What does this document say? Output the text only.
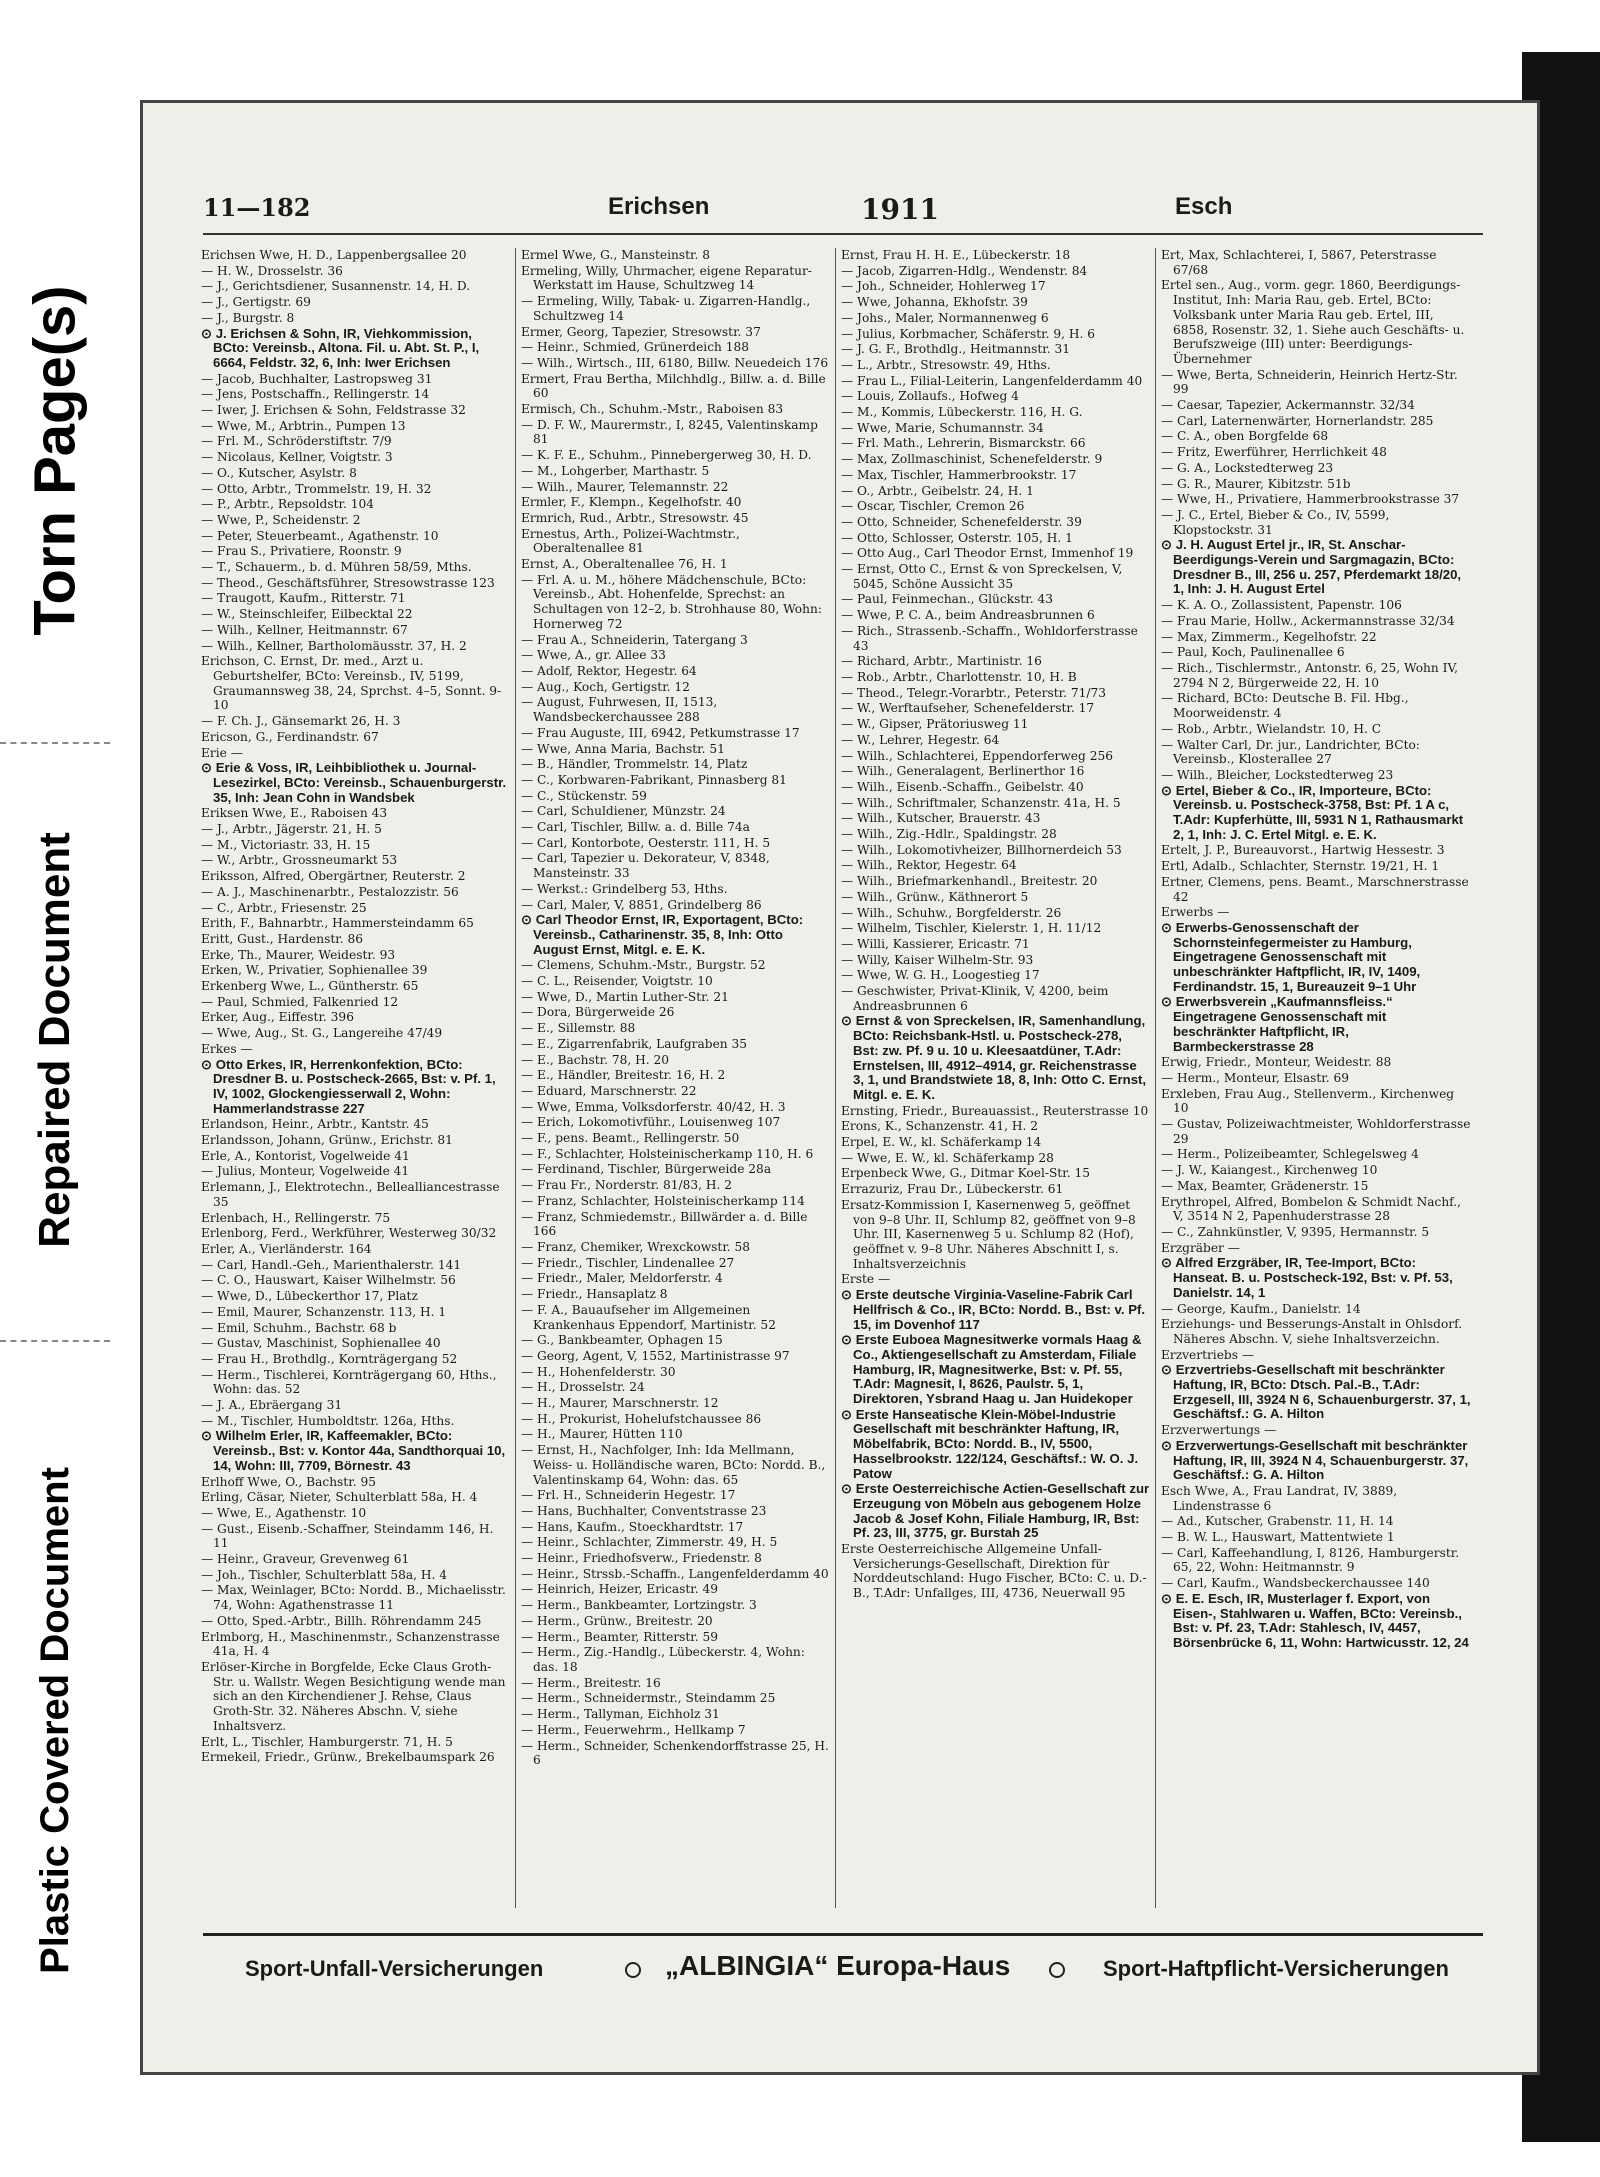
Torn Page(s)
Repaired Document
Plastic Covered Document
11—182	Erichsen	1911	Esch
Erichsen Wwe, H. D., Lappenbergsallee 20
— H. W., Drosselstr. 36
— J., Gerichtsdiener, Susannenstr. 14, H. D.
— J., Gertigstr. 69
— J., Burgstr. 8
⊙ J. Erichsen & Sohn, IR, Viehkommission, BCto: Vereinsb., Altona. Fil. u. Abt. St. P., I, 6664, Feldstr. 32, 6, Inh: Iwer Erichsen
— Jacob, Buchhalter, Lastropsweg 31
— Jens, Postschaffn., Rellingerstr. 14
— Iwer, J. Erichsen & Sohn, Feldstrasse 32
— Wwe, M., Arbtrin., Pumpen 13
— Frl. M., Schröderstiftstr. 7/9
— Nicolaus, Kellner, Voigtstr. 3
— O., Kutscher, Asylstr. 8
— Otto, Arbtr., Trommelstr. 19, H. 32
— P., Arbtr., Repsoldstr. 104
— Wwe, P., Scheidenstr. 2
— Peter, Steuerbeamt., Agathenstr. 10
— Frau S., Privatiere, Roonstr. 9
— T., Schauerm., b. d. Mühren 58/59, Mths.
— Theod., Geschäftsführer, Stresowstrasse 123
— Traugott, Kaufm., Ritterstr. 71
— W., Steinschleifer, Eilbecktal 22
— Wilh., Kellner, Heitmannstr. 67
— Wilh., Kellner, Bartholomäusstr. 37, H. 2
Erichson, C. Ernst, Dr. med., Arzt u. Geburtshelfer, BCto: Vereinsb., IV, 5199, Graumannsweg 38, 24, Sprchst. 4–5, Sonnt. 9-10
— F. Ch. J., Gänsemarkt 26, H. 3
Ericson, G., Ferdinandstr. 67
Erie —
⊙ Erie & Voss, IR, Leihbibliothek u. Journal-Lesezirkel, BCto: Vereinsb., Schauenburgerstr. 35, Inh: Jean Cohn in Wandsbek
Eriksen Wwe, E., Raboisen 43
— J., Arbtr., Jägerstr. 21, H. 5
— M., Victoriastr. 33, H. 15
— W., Arbtr., Grossneumarkt 53
Eriksson, Alfred, Obergärtner, Reuterstr. 2
— A. J., Maschinenarbtr., Pestalozzistr. 56
— C., Arbtr., Friesenstr. 25
Erith, F., Bahnarbtr., Hammersteindamm 65
Eritt, Gust., Hardenstr. 86
Erke, Th., Maurer, Weidestr. 93
Erken, W., Privatier, Sophienallee 39
Erkenberg Wwe, L., Güntherstr. 65
— Paul, Schmied, Falkenried 12
Erker, Aug., Eiffestr. 396
— Wwe, Aug., St. G., Langereihe 47/49
Erkes —
⊙ Otto Erkes, IR, Herrenkonfektion, BCto: Dresdner B. u. Postscheck-2665, Bst: v. Pf. 1, IV, 1002, Glockengiesserwall 2, Wohn: Hammerlandstrasse 227
Erlandson, Heinr., Arbtr., Kantstr. 45
Erlandsson, Johann, Grünw., Erichstr. 81
Erle, A., Kontorist, Vogelweide 41
— Julius, Monteur, Vogelweide 41
Erlemann, J., Elektrotechn., Bellealliancestrasse 35
Erlenbach, H., Rellingerstr. 75
Erlenborg, Ferd., Werkführer, Westerweg 30/32
Erler, A., Vierländerstr. 164
— Carl, Handl.-Geh., Marienthalerstr. 141
— C. O., Hauswart, Kaiser Wilhelmstr. 56
— Wwe, D., Lübeckerthor 17, Platz
— Emil, Maurer, Schanzenstr. 113, H. 1
— Emil, Schuhm., Bachstr. 68 b
— Gustav, Maschinist, Sophienallee 40
— Frau H., Brothdlg., Kornträgergang 52
— Herm., Tischlerei, Kornträgergang 60, Hths., Wohn: das. 52
— J. A., Ebräergang 31
— M., Tischler, Humboldtstr. 126a, Hths.
⊙ Wilhelm Erler, IR, Kaffeemakler, BCto: Vereinsb., Bst: v. Kontor 44a, Sandthorquai 10, 14, Wohn: III, 7709, Börnestr. 43
Erlhoff Wwe, O., Bachstr. 95
Erling, Cäsar, Nieter, Schulterblatt 58a, H. 4
— Wwe, E., Agathenstr. 10
— Gust., Eisenb.-Schaffner, Steindamm 146, H. 11
— Heinr., Graveur, Grevenweg 61
— Joh., Tischler, Schulterblatt 58a, H. 4
— Max, Weinlager, BCto: Nordd. B., Michaelisstr. 74, Wohn: Agathenstrasse 11
— Otto, Sped.-Arbtr., Billh. Röhrendamm 245
Erlmborg, H., Maschinenmstr., Schanzenstrasse 41a, H. 4
Erlöser-Kirche in Borgfelde, Ecke Claus Groth-Str. u. Wallstr. Wegen Besichtigung wende man sich an den Kirchendiener J. Rehse, Claus Groth-Str. 32. Näheres Abschn. V, siehe Inhaltsverz.
Erlt, L., Tischler, Hamburgerstr. 71, H. 5
Ermekeil, Friedr., Grünw., Brekelbaumspark 26
Ermel Wwe, G., Mansteinstr. 8
Ermeling, Willy, Uhrmacher, eigene Reparatur-Werkstatt im Hause, Schultzweg 14
— Ermeling, Willy, Tabak- u. Zigarren-Handlg., Schultzweg 14
Ermer, Georg, Tapezier, Stresowstr. 37
— Heinr., Schmied, Grünerdeich 188
— Wilh., Wirtsch., III, 6180, Billw. Neuedeich 176
Ermert, Frau Bertha, Milchhdlg., Billw. a. d. Bille 60
Ermisch, Ch., Schuhm.-Mstr., Raboisen 83
— D. F. W., Maurermstr., I, 8245, Valentinskamp 81
— K. F. E., Schuhm., Pinnebergerweg 30, H. D.
— M., Lohgerber, Marthastr. 5
— Wilh., Maurer, Telemannstr. 22
Ermler, F., Klempn., Kegelhofstr. 40
Ermrich, Rud., Arbtr., Stresowstr. 45
Ernestus, Arth., Polizei-Wachtmstr., Oberaltenallee 81
Ernst, A., Oberaltenallee 76, H. 1
— Frl. A. u. M., höhere Mädchenschule, BCto: Vereinsb., Abt. Hohenfelde, Sprechst: an Schultagen von 12–2, b. Strohhause 80, Wohn: Hornerweg 72
— Frau A., Schneiderin, Tatergang 3
— Wwe, A., gr. Allee 33
— Adolf, Rektor, Hegestr. 64
— Aug., Koch, Gertigstr. 12
— August, Fuhrwesen, II, 1513, Wandsbeckerchaussee 288
— Frau Auguste, III, 6942, Petkumstrasse 17
— Wwe, Anna Maria, Bachstr. 51
— B., Händler, Trommelstr. 14, Platz
— C., Korbwaren-Fabrikant, Pinnasberg 81
— C., Stückenstr. 59
— Carl, Schuldiener, Münzstr. 24
— Carl, Tischler, Billw. a. d. Bille 74a
— Carl, Kontorbote, Oesterstr. 111, H. 5
— Carl, Tapezier u. Dekorateur, V, 8348, Mansteinstr. 33
— Werkst.: Grindelberg 53, Hths.
— Carl, Maler, V, 8851, Grindelberg 86
⊙ Carl Theodor Ernst, IR, Exportagent, BCto: Vereinsb., Catharinenstr. 35, 8, Inh: Otto August Ernst, Mitgl. e. E. K.
— Clemens, Schuhm.-Mstr., Burgstr. 52
— C. L., Reisender, Voigtstr. 10
— Wwe, D., Martin Luther-Str. 21
— Dora, Bürgerweide 26
— E., Sillemstr. 88
— E., Zigarrenfabrik, Laufgraben 35
— E., Bachstr. 78, H. 20
— E., Händler, Breitestr. 16, H. 2
— Eduard, Marschnerstr. 22
— Wwe, Emma, Volksdorferstr. 40/42, H. 3
— Erich, Lokomotivführ., Louisenweg 107
— F., pens. Beamt., Rellingerstr. 50
— F., Schlachter, Holsteinischerkamp 110, H. 6
— Ferdinand, Tischler, Bürgerweide 28a
— Frau Fr., Norderstr. 81/83, H. 2
— Franz, Schlachter, Holsteinischerkamp 114
— Franz, Schmiedemstr., Billwärder a. d. Bille 166
— Franz, Chemiker, Wrexckowstr. 58
— Friedr., Tischler, Lindenallee 27
— Friedr., Maler, Meldorferstr. 4
— Friedr., Hansaplatz 8
— F. A., Bauaufseher im Allgemeinen Krankenhaus Eppendorf, Martinistr. 52
— G., Bankbeamter, Ophagen 15
— Georg, Agent, V, 1552, Martinistrasse 97
— H., Hohenfelderstr. 30
— H., Drosselstr. 24
— H., Maurer, Marschnerstr. 12
— H., Prokurist, Hohelufstchaussee 86
— H., Maurer, Hütten 110
— Ernst, H., Nachfolger, Inh: Ida Mellmann, Weiss- u. Holländische waren, BCto: Nordd. B., Valentinskamp 64, Wohn: das. 65
— Frl. H., Schneiderin Hegestr. 17
— Hans, Buchhalter, Conventstrasse 23
— Hans, Kaufm., Stoeckhardtstr. 17
— Heinr., Schlachter, Zimmerstr. 49, H. 5
— Heinr., Friedhofsverw., Friedenstr. 8
— Heinr., Strssb.-Schaffn., Langenfelderdamm 40
— Heinrich, Heizer, Ericastr. 49
— Herm., Bankbeamter, Lortzingstr. 3
— Herm., Grünw., Breitestr. 20
— Herm., Beamter, Ritterstr. 59
— Herm., Zig.-Handlg., Lübeckerstr. 4, Wohn: das. 18
— Herm., Breitestr. 16
— Herm., Schneidermstr., Steindamm 25
— Herm., Tallyman, Eichholz 31
— Herm., Feuerwehrm., Hellkamp 7
— Herm., Schneider, Schenkendorffstrasse 25, H. 6
Ernst, Frau H. H. E., Lübeckerstr. 18
— Jacob, Zigarren-Hdlg., Wendenstr. 84
— Joh., Schneider, Hohlerweg 17
— Wwe, Johanna, Ekhofstr. 39
— Johs., Maler, Normannenweg 6
— Julius, Korbmacher, Schäferstr. 9, H. 6
— J. G. F., Brothdlg., Heitmannstr. 31
— L., Arbtr., Stresowstr. 49, Hths.
— Frau L., Filial-Leiterin, Langenfelderdamm 40
— Louis, Zollaufs., Hofweg 4
— M., Kommis, Lübeckerstr. 116, H. G.
— Wwe, Marie, Schumannstr. 34
— Frl. Math., Lehrerin, Bismarckstr. 66
— Max, Zollmaschinist, Schenefelderstr. 9
— Max, Tischler, Hammerbrookstr. 17
— O., Arbtr., Geibelstr. 24, H. 1
— Oscar, Tischler, Cremon 26
— Otto, Schneider, Schenefelderstr. 39
— Otto, Schlosser, Osterstr. 105, H. 1
— Otto Aug., Carl Theodor Ernst, Immenhof 19
— Ernst, Otto C., Ernst & von Spreckelsen, V, 5045, Schöne Aussicht 35
— Paul, Feinmechan., Glückstr. 43
— Wwe, P. C. A., beim Andreasbrunnen 6
— Rich., Strassenb.-Schaffn., Wohldorferstrasse 43
— Richard, Arbtr., Martinistr. 16
— Rob., Arbtr., Charlottenstr. 10, H. B
— Theod., Telegr.-Vorarbtr., Peterstr. 71/73
— W., Werftaufseher, Schenefelderstr. 17
— W., Gipser, Prätoriusweg 11
— W., Lehrer, Hegestr. 64
— Wilh., Schlachterei, Eppendorferweg 256
— Wilh., Generalagent, Berlinerthor 16
— Wilh., Eisenb.-Schaffn., Geibelstr. 40
— Wilh., Schriftmaler, Schanzenstr. 41a, H. 5
— Wilh., Kutscher, Brauerstr. 43
— Wilh., Zig.-Hdlr., Spaldingstr. 28
— Wilh., Lokomotivheizer, Billhornerdeich 53
— Wilh., Rektor, Hegestr. 64
— Wilh., Briefmarkenhandl., Breitestr. 20
— Wilh., Grünw., Käthnerort 5
— Wilh., Schuhw., Borgfelderstr. 26
— Wilhelm, Tischler, Kielerstr. 1, H. 11/12
— Willi, Kassierer, Ericastr. 71
— Willy, Kaiser Wilhelm-Str. 93
— Wwe, W. G. H., Loogestieg 17
— Geschwister, Privat-Klinik, V, 4200, beim Andreasbrunnen 6
⊙ Ernst & von Spreckelsen, IR, Samenhandlung, BCto: Reichsbank-Hstl. u. Postscheck-278, Bst: zw. Pf. 9 u. 10 u. Kleesaatdüner, T.Adr: Ernstelsen, III, 4912–4914, gr. Reichenstrasse 3, 1, und Brandstwiete 18, 8, Inh: Otto C. Ernst, Mitgl. e. E. K.
Ernsting, Friedr., Bureauassist., Reuterstrasse 10
Erons, K., Schanzenstr. 41, H. 2
Erpel, E. W., kl. Schäferkamp 14
— Wwe, E. W., kl. Schäferkamp 28
Erpenbeck Wwe, G., Ditmar Koel-Str. 15
Errazuriz, Frau Dr., Lübeckerstr. 61
Ersatz-Kommission I, Kasernenweg 5, geöffnet von 9–8 Uhr. II, Schlump 82, geöffnet von 9–8 Uhr. III, Kasernenweg 5 u. Schlump 82 (Hof), geöffnet v. 9–8 Uhr. Näheres Abschnitt I, s. Inhaltsverzeichnis
Erste —
⊙ Erste deutsche Virginia-Vaseline-Fabrik Carl Hellfrisch & Co., IR, BCto: Nordd. B., Bst: v. Pf. 15, im Dovenhof 117
⊙ Erste Euboea Magnesitwerke vormals Haag & Co., Aktiengesellschaft zu Amsterdam, Filiale Hamburg, IR, Magnesitwerke, Bst: v. Pf. 55, T.Adr: Magnesit, I, 8626, Paulstr. 5, 1, Direktoren, Ysbrand Haag u. Jan Huidekoper
⊙ Erste Hanseatische Klein-Möbel-Industrie Gesellschaft mit beschränkter Haftung, IR, Möbelfabrik, BCto: Nordd. B., IV, 5500, Hasselbrookstr. 122/124, Geschäftsf.: W. O. J. Patow
⊙ Erste Oesterreichische Actien-Gesellschaft zur Erzeugung von Möbeln aus gebogenem Holze Jacob & Josef Kohn, Filiale Hamburg, IR, Bst: Pf. 23, III, 3775, gr. Burstah 25
Erste Oesterreichische Allgemeine Unfall-Versicherungs-Gesellschaft, Direktion für Norddeutschland: Hugo Fischer, BCto: C. u. D.-B., T.Adr: Unfallges, III, 4736, Neuerwall 95
Ert, Max, Schlachterei, I, 5867, Peterstrasse 67/68
Ertel sen., Aug., vorm. gegr. 1860, Beerdigungs-Institut, Inh: Maria Rau, geb. Ertel, BCto: Volksbank unter Maria Rau geb. Ertel, III, 6858, Rosenstr. 32, 1. Siehe auch Geschäfts- u. Berufszweige (III) unter: Beerdigungs-Übernehmer
— Wwe, Berta, Schneiderin, Heinrich Hertz-Str. 99
— Caesar, Tapezier, Ackermannstr. 32/34
— Carl, Laternenwärter, Hornerlandstr. 285
— C. A., oben Borgfelde 68
— Fritz, Ewerführer, Herrlichkeit 48
— G. A., Lockstedterweg 23
— G. R., Maurer, Kibitzstr. 51b
— Wwe, H., Privatiere, Hammerbrookstrasse 37
— J. C., Ertel, Bieber & Co., IV, 5599, Klopstockstr. 31
⊙ J. H. August Ertel jr., IR, St. Anschar-Beerdigungs-Verein und Sargmagazin, BCto: Dresdner B., III, 256 u. 257, Pferdemarkt 18/20, 1, Inh: J. H. August Ertel
— K. A. O., Zollassistent, Papenstr. 106
— Frau Marie, Hollw., Ackermannstrasse 32/34
— Max, Zimmerm., Kegelhofstr. 22
— Paul, Koch, Paulinenallee 6
— Rich., Tischlermstr., Antonstr. 6, 25, Wohn IV, 2794 N 2, Bürgerweide 22, H. 10
— Richard, BCto: Deutsche B. Fil. Hbg., Moorweidenstr. 4
— Rob., Arbtr., Wielandstr. 10, H. C
— Walter Carl, Dr. jur., Landrichter, BCto: Vereinsb., Klosterallee 27
— Wilh., Bleicher, Lockstedterweg 23
⊙ Ertel, Bieber & Co., IR, Importeure, BCto: Vereinsb. u. Postscheck-3758, Bst: Pf. 1 A c, T.Adr: Kupferhütte, III, 5931 N 1, Rathausmarkt 2, 1, Inh: J. C. Ertel Mitgl. e. E. K.
Ertelt, J. P., Bureauvorst., Hartwig Hessestr. 3
Ertl, Adalb., Schlachter, Sternstr. 19/21, H. 1
Ertner, Clemens, pens. Beamt., Marschnerstrasse 42
Erwerbs —
⊙ Erwerbs-Genossenschaft der Schornsteinfegermeister zu Hamburg, Eingetragene Genossenschaft mit unbeschränkter Haftpflicht, IR, IV, 1409, Ferdinandstr. 15, 1, Bureauzeit 9–1 Uhr
⊙ Erwerbsverein „Kaufmannsfleiss.“ Eingetragene Genossenschaft mit beschränkter Haftpflicht, IR, Barmbeckerstrasse 28
Erwig, Friedr., Monteur, Weidestr. 88
— Herm., Monteur, Elsastr. 69
Erxleben, Frau Aug., Stellenverm., Kirchenweg 10
— Gustav, Polizeiwachtmeister, Wohldorferstrasse 29
— Herm., Polizeibeamter, Schlegelsweg 4
— J. W., Kaiangest., Kirchenweg 10
— Max, Beamter, Grädenerstr. 15
Erythropel, Alfred, Bombelon & Schmidt Nachf., V, 3514 N 2, Papenhuderstrasse 28
— C., Zahnkünstler, V, 9395, Hermannstr. 5
Erzgräber —
⊙ Alfred Erzgräber, IR, Tee-Import, BCto: Hanseat. B. u. Postscheck-192, Bst: v. Pf. 53, Danielstr. 14, 1
— George, Kaufm., Danielstr. 14
Erziehungs- und Besserungs-Anstalt in Ohlsdorf. Näheres Abschn. V, siehe Inhaltsverzeichn.
Erzvertriebs —
⊙ Erzvertriebs-Gesellschaft mit beschränkter Haftung, IR, BCto: Dtsch. Pal.-B., T.Adr: Erzgesell, III, 3924 N 6, Schauenburgerstr. 37, 1, Geschäftsf.: G. A. Hilton
Erzverwertungs —
⊙ Erzverwertungs-Gesellschaft mit beschränkter Haftung, IR, III, 3924 N 4, Schauenburgerstr. 37, Geschäftsf.: G. A. Hilton
Esch Wwe, A., Frau Landrat, IV, 3889, Lindenstrasse 6
— Ad., Kutscher, Grabenstr. 11, H. 14
— B. W. L., Hauswart, Mattentwiete 1
— Carl, Kaffeehandlung, I, 8126, Hamburgerstr. 65, 22, Wohn: Heitmannstr. 9
— Carl, Kaufm., Wandsbeckerchaussee 140
⊙ E. E. Esch, IR, Musterlager f. Export, von Eisen-, Stahlwaren u. Waffen, BCto: Vereinsb., Bst: v. Pf. 23, T.Adr: Stahlesch, IV, 4457, Börsenbrücke 6, 11, Wohn: Hartwicusstr. 12, 24
Sport-Unfall-Versicherungen	„ALBINGIA“ Europa-Haus	Sport-Haftpflicht-Versicherungen
